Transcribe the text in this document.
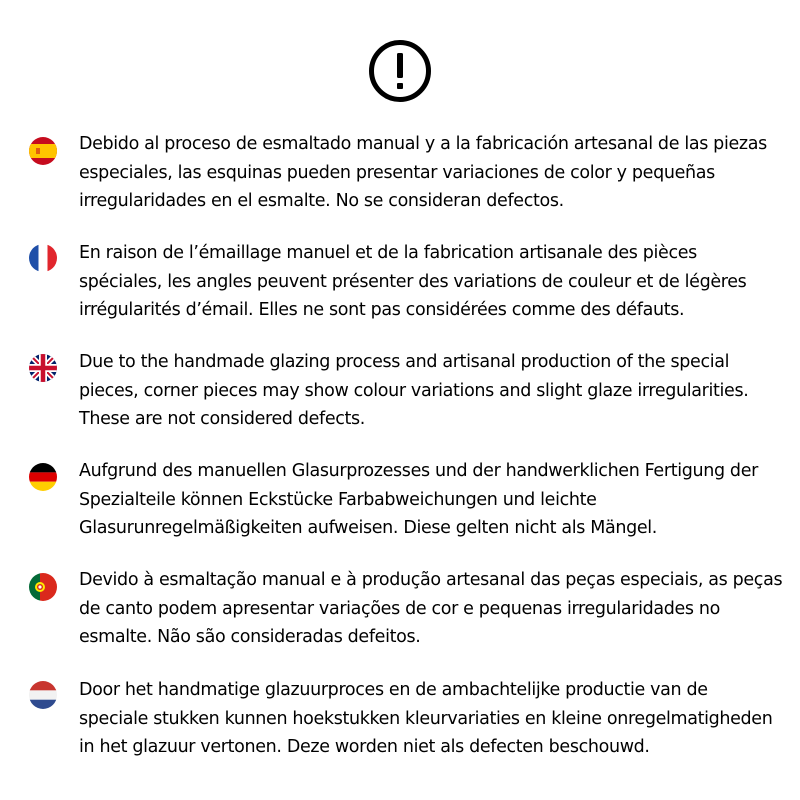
Debido al proceso de esmaltado manual y a la fabricación artesanal de las piezas
especiales, las esquinas pueden presentar variaciones de color y pequeñas
irregularidades en el esmalte. No se consideran defectos.

En raison de l’émaillage manuel et de la fabrication artisanale des pièces
spéciales, les angles peuvent présenter des variations de couleur et de légères
irrégularités d’émail. Elles ne sont pas considérées comme des défauts.

Due to the handmade glazing process and artisanal production of the special
pieces, corner pieces may show colour variations and slight glaze irregularities.
These are not considered defects.

Aufgrund des manuellen Glasurprozesses und der handwerklichen Fertigung der
Spezialteile können Eckstücke Farbabweichungen und leichte
Glasurunregelmäßigkeiten aufweisen. Diese gelten nicht als Mängel.

Devido à esmaltação manual e à produção artesanal das peças especiais, as peças
de canto podem apresentar variações de cor e pequenas irregularidades no
esmalte. Não são consideradas defeitos.

Door het handmatige glazuurproces en de ambachtelijke productie van de
speciale stukken kunnen hoekstukken kleurvariaties en kleine onregelmatigheden
in het glazuur vertonen. Deze worden niet als defecten beschouwd.
